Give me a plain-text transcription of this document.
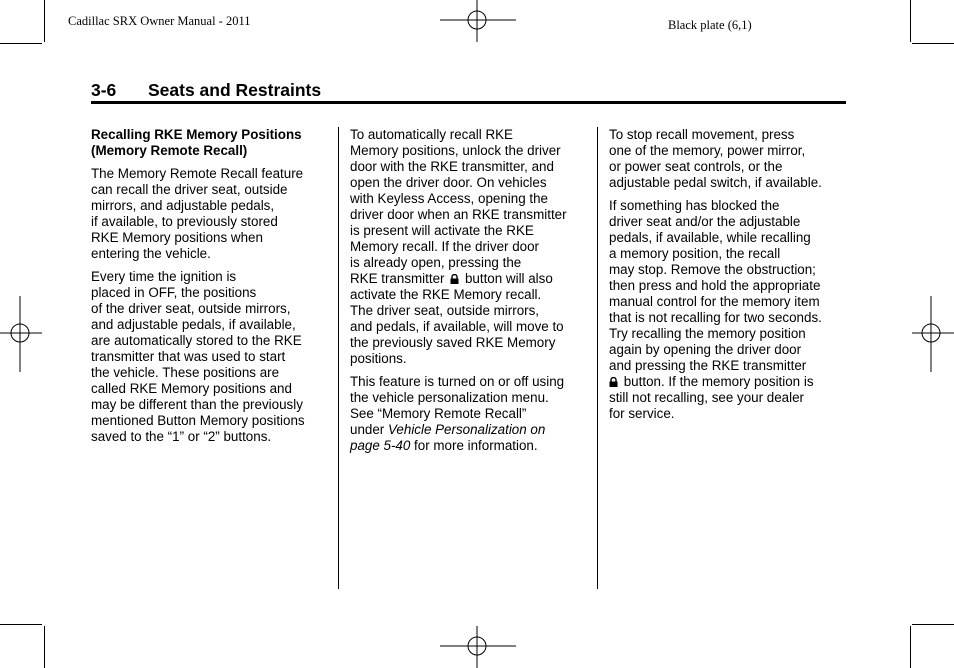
Cadillac SRX Owner Manual - 2011	Black plate (6,1)
3-6 Seats and Restraints

Recalling RKE Memory Positions
(Memory Remote Recall)

The Memory Remote Recall feature
can recall the driver seat, outside
mirrors, and adjustable pedals,
if available, to previously stored
RKE Memory positions when
entering the vehicle.

Every time the ignition is
placed in OFF, the positions
of the driver seat, outside mirrors,
and adjustable pedals, if available,
are automatically stored to the RKE
transmitter that was used to start
the vehicle. These positions are
called RKE Memory positions and
may be different than the previously
mentioned Button Memory positions
saved to the “1” or “2” buttons.

To automatically recall RKE
Memory positions, unlock the driver
door with the RKE transmitter, and
open the driver door. On vehicles
with Keyless Access, opening the
driver door when an RKE transmitter
is present will activate the RKE
Memory recall. If the driver door
is already open, pressing the
RKE transmitter button will also
activate the RKE Memory recall.
The driver seat, outside mirrors,
and pedals, if available, will move to
the previously saved RKE Memory
positions.

This feature is turned on or off using
the vehicle personalization menu.
See “Memory Remote Recall”
under Vehicle Personalization on
page 5-40 for more information.

To stop recall movement, press
one of the memory, power mirror,
or power seat controls, or the
adjustable pedal switch, if available.

If something has blocked the
driver seat and/or the adjustable
pedals, if available, while recalling
a memory position, the recall
may stop. Remove the obstruction;
then press and hold the appropriate
manual control for the memory item
that is not recalling for two seconds.
Try recalling the memory position
again by opening the driver door
and pressing the RKE transmitter
button. If the memory position is
still not recalling, see your dealer
for service.
